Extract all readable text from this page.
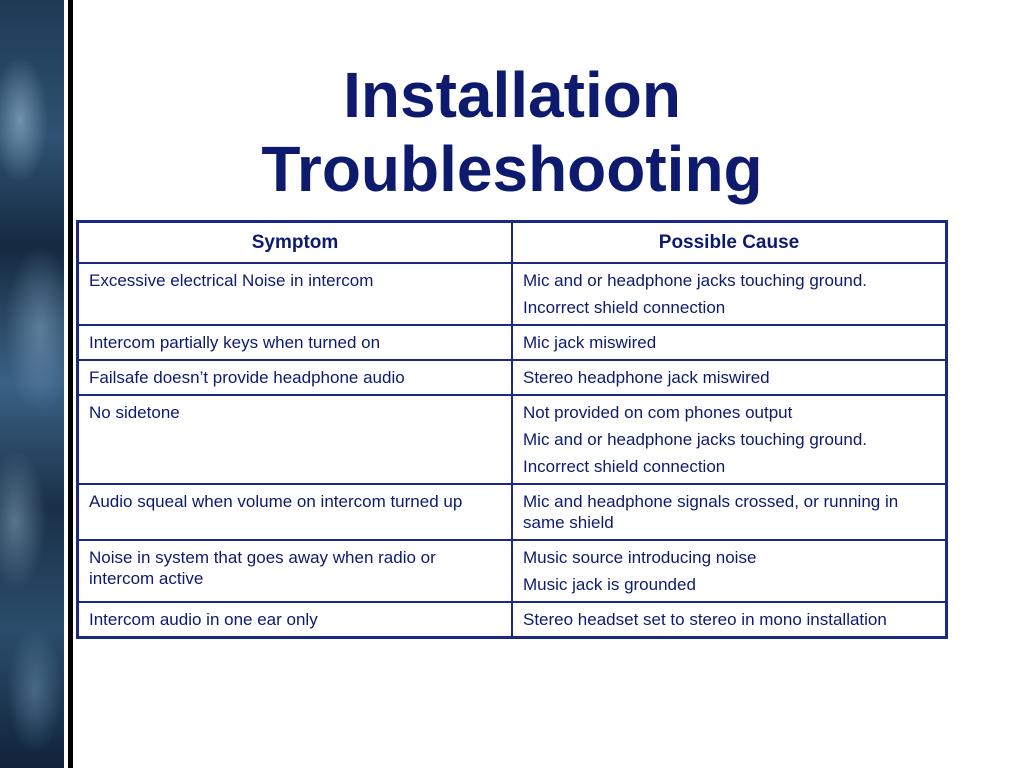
Installation
Troubleshooting
Symptom	Possible Cause
Excessive electrical Noise in intercom	Mic and or headphone jacks touching ground.
Incorrect shield connection

Intercom partially keys when turned on	Mic jack miswired

Failsafe doesn’t provide headphone audio	Stereo headphone jack miswired

No sidetone	Not provided on com phones output
Mic and or headphone jacks touching ground.
Incorrect shield connection

Audio squeal when volume on intercom turned up	Mic and headphone signals crossed, or running in same shield

Noise in system that goes away when radio or intercom active	Music source introducing noise
Music jack is grounded

Intercom audio in one ear only	Stereo headset set to stereo in mono installation
